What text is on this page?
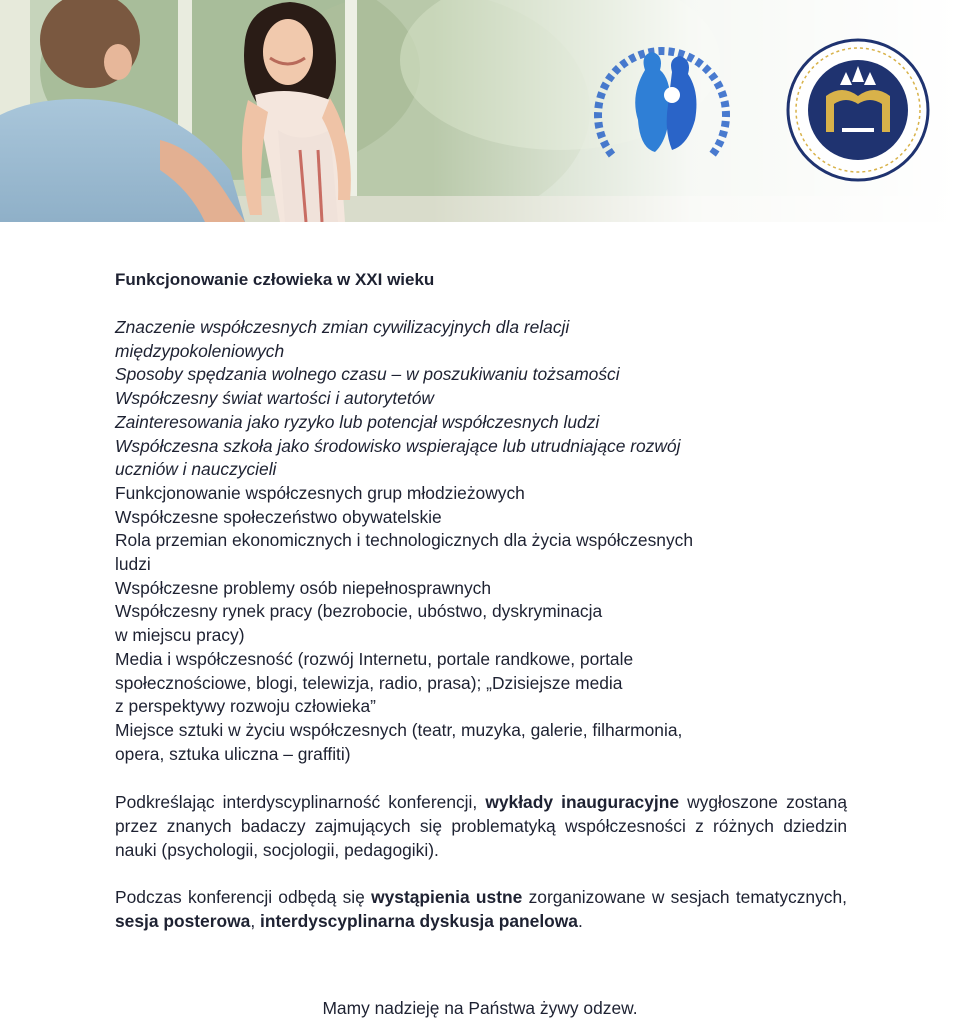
Funkcjonowanie człowieka w XXI wieku
Znaczenie współczesnych zmian cywilizacyjnych dla relacji
międzypokoleniowych
Sposoby spędzania wolnego czasu – w poszukiwaniu tożsamości
Współczesny świat wartości i autorytetów
Zainteresowania jako ryzyko lub potencjał współczesnych ludzi
Współczesna szkoła jako środowisko wspierające lub utrudniające rozwój
uczniów i nauczycieli
Funkcjonowanie współczesnych grup młodzieżowych
Współczesne społeczeństwo obywatelskie
Rola przemian ekonomicznych i technologicznych dla życia współczesnych
ludzi
Współczesne problemy osób niepełnosprawnych
Współczesny rynek pracy (bezrobocie, ubóstwo, dyskryminacja
w miejscu pracy)
Media i współczesność (rozwój Internetu, portale randkowe, portale
społecznościowe, blogi, telewizja, radio, prasa); „Dzisiejsze media
z perspektywy rozwoju człowieka”
Miejsce sztuki w życiu współczesnych (teatr, muzyka, galerie, filharmonia,
opera, sztuka uliczna – graffiti)

Podkreślając interdyscyplinarność konferencji, wykłady inauguracyjne wygłoszone zostaną przez znanych badaczy zajmujących się problematyką współczesności z różnych dziedzin nauki (psychologii, socjologii, pedagogiki).

Podczas konferencji odbędą się wystąpienia ustne zorganizowane w sesjach tematycznych, sesja posterowa, interdyscyplinarna dyskusja panelowa.

Mamy nadzieję na Państwa żywy odzew.
